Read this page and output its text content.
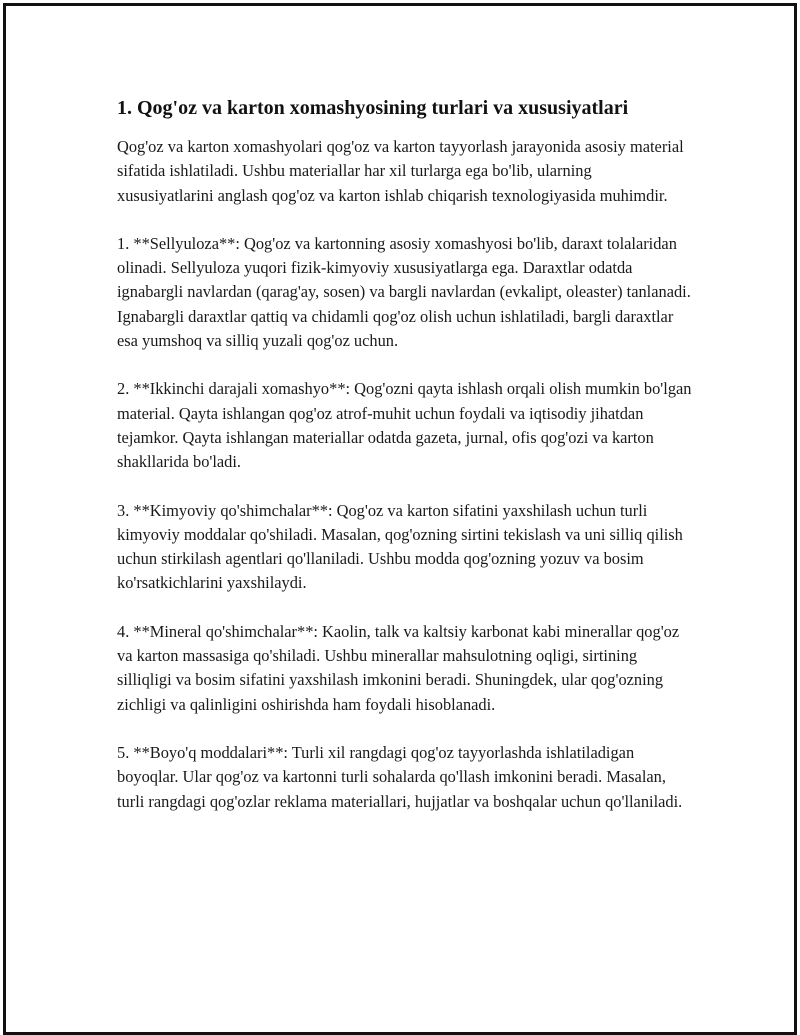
1. Qog'oz va karton xomashyosining turlari va xususiyatlari

Qog'oz va karton xomashyolari qog'oz va karton tayyorlash jarayonida asosiy material sifatida ishlatiladi. Ushbu materiallar har xil turlarga ega bo'lib, ularning xususiyatlarini anglash qog'oz va karton ishlab chiqarish texnologiyasida muhimdir.

1. **Sellyuloza**: Qog'oz va kartonning asosiy xomashyosi bo'lib, daraxt tolalaridan olinadi. Sellyuloza yuqori fizik-kimyoviy xususiyatlarga ega. Daraxtlar odatda ignabargli navlardan (qarag'ay, sosen) va bargli navlardan (evkalipt, oleaster) tanlanadi. Ignabargli daraxtlar qattiq va chidamli qog'oz olish uchun ishlatiladi, bargli daraxtlar esa yumshoq va silliq yuzali qog'oz uchun.

2. **Ikkinchi darajali xomashyo**: Qog'ozni qayta ishlash orqali olish mumkin bo'lgan material. Qayta ishlangan qog'oz atrof-muhit uchun foydali va iqtisodiy jihatdan tejamkor. Qayta ishlangan materiallar odatda gazeta, jurnal, ofis qog'ozi va karton shakllarida bo'ladi.

3. **Kimyoviy qo'shimchalar**: Qog'oz va karton sifatini yaxshilash uchun turli kimyoviy moddalar qo'shiladi. Masalan, qog'ozning sirtini tekislash va uni silliq qilish uchun stirkilash agentlari qo'llaniladi. Ushbu modda qog'ozning yozuv va bosim ko'rsatkichlarini yaxshilaydi.

4. **Mineral qo'shimchalar**: Kaolin, talk va kaltsiy karbonat kabi minerallar qog'oz va karton massasiga qo'shiladi. Ushbu minerallar mahsulotning oqligi, sirtining silliqligi va bosim sifatini yaxshilash imkonini beradi. Shuningdek, ular qog'ozning zichligi va qalinligini oshirishda ham foydali hisoblanadi.

5. **Boyo'q moddalari**: Turli xil rangdagi qog'oz tayyorlashda ishlatiladigan boyoqlar. Ular qog'oz va kartonni turli sohalarda qo'llash imkonini beradi. Masalan, turli rangdagi qog'ozlar reklama materiallari, hujjatlar va boshqalar uchun qo'llaniladi.
